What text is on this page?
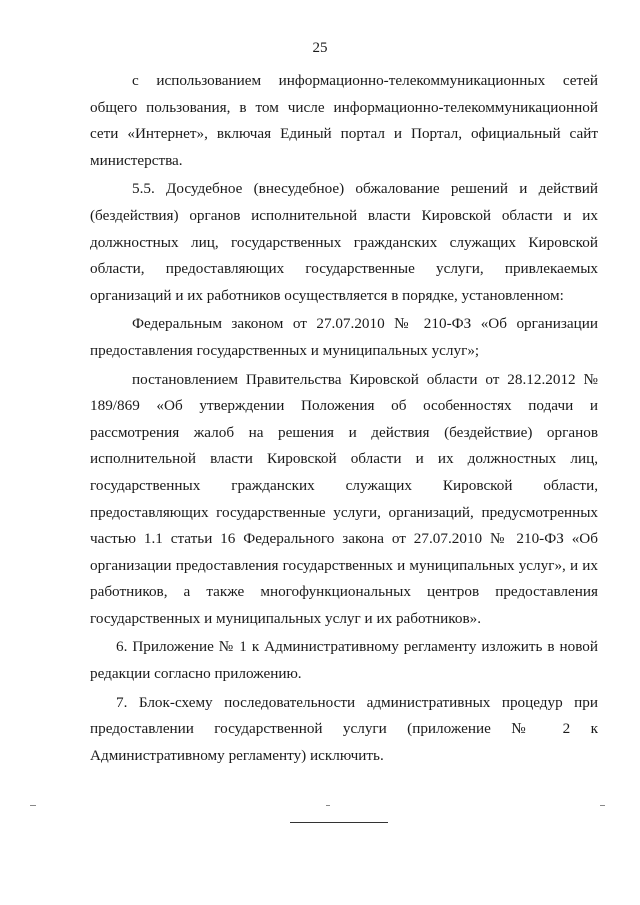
25

с использованием информационно-телекоммуникационных сетей общего пользования, в том числе информационно-телекоммуникационной сети «Интернет», включая Единый портал и Портал, официальный сайт министерства.

5.5. Досудебное (внесудебное) обжалование решений и действий (бездействия) органов исполнительной власти Кировской области и их должностных лиц, государственных гражданских служащих Кировской области, предоставляющих государственные услуги, привлекаемых организаций и их работников осуществляется в порядке, установленном:

Федеральным законом от 27.07.2010 № 210-ФЗ «Об организации предоставления государственных и муниципальных услуг»;

постановлением Правительства Кировской области от 28.12.2012 № 189/869 «Об утверждении Положения об особенностях подачи и рассмотрения жалоб на решения и действия (бездействие) органов исполнительной власти Кировской области и их должностных лиц, государственных гражданских служащих Кировской области, предоставляющих государственные услуги, организаций, предусмотренных частью 1.1 статьи 16 Федерального закона от 27.07.2010 № 210-ФЗ «Об организации предоставления государственных и муниципальных услуг», и их работников, а также многофункциональных центров предоставления государственных и муниципальных услуг и их работников».

6. Приложение № 1 к Административному регламенту изложить в новой редакции согласно приложению.

7. Блок-схему последовательности административных процедур при предоставлении государственной услуги (приложение № 2 к Административному регламенту) исключить.
